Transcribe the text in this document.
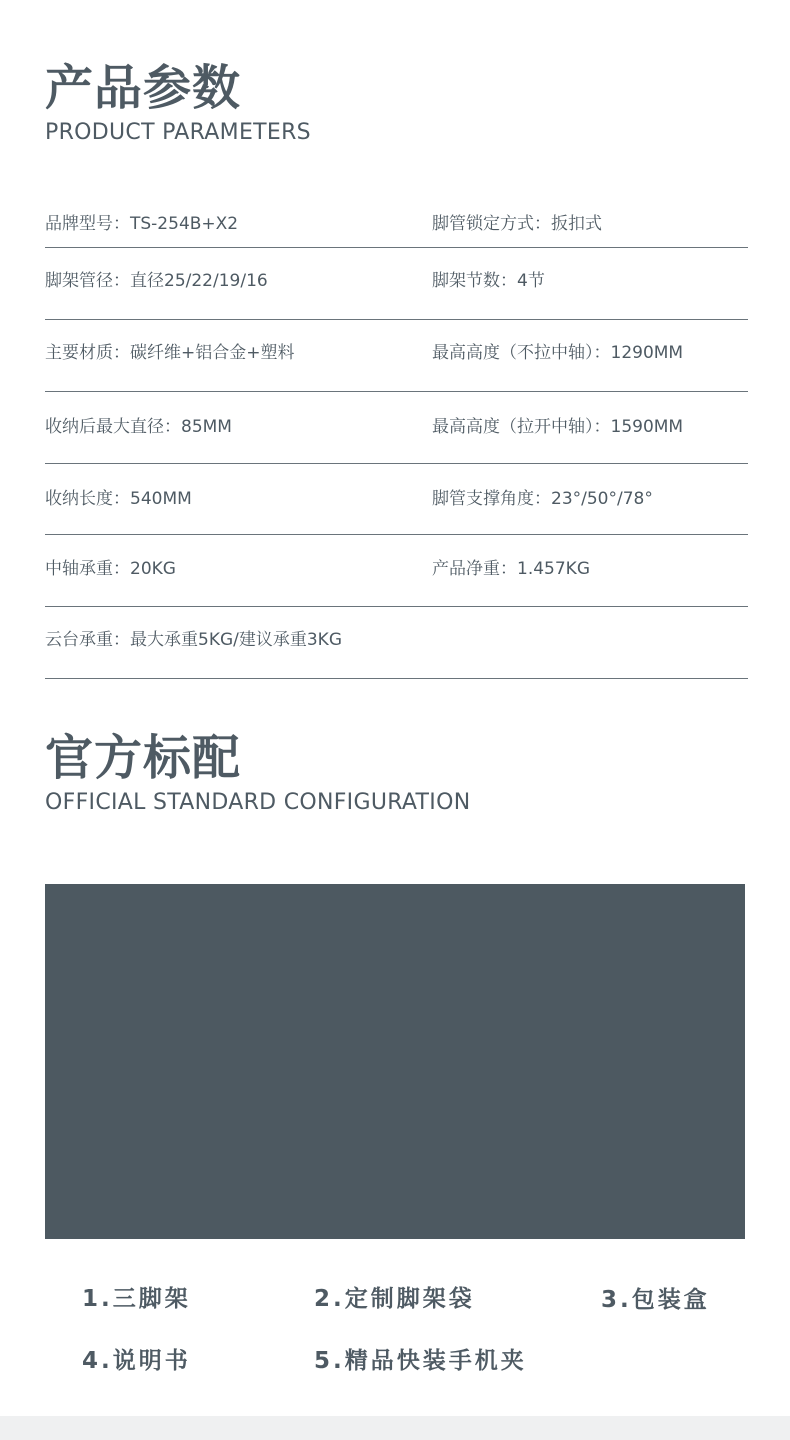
产品参数
PRODUCT PARAMETERS
品牌型号：TS-254B+X2	脚管锁定方式：扳扣式
脚架管径：直径25/22/19/16	脚架节数：4节
主要材质：碳纤维+铝合金+塑料	最高高度（不拉中轴）：1290MM
收纳后最大直径：85MM	最高高度（拉开中轴）：1590MM
收纳长度：540MM	脚管支撑角度：23°/50°/78°
中轴承重：20KG	产品净重：1.457KG
云台承重：最大承重5KG/建议承重3KG
官方标配
OFFICIAL STANDARD CONFIGURATION
1.三脚架	2.定制脚架袋	3.包装盒
4.说明书	5.精品快装手机夹
